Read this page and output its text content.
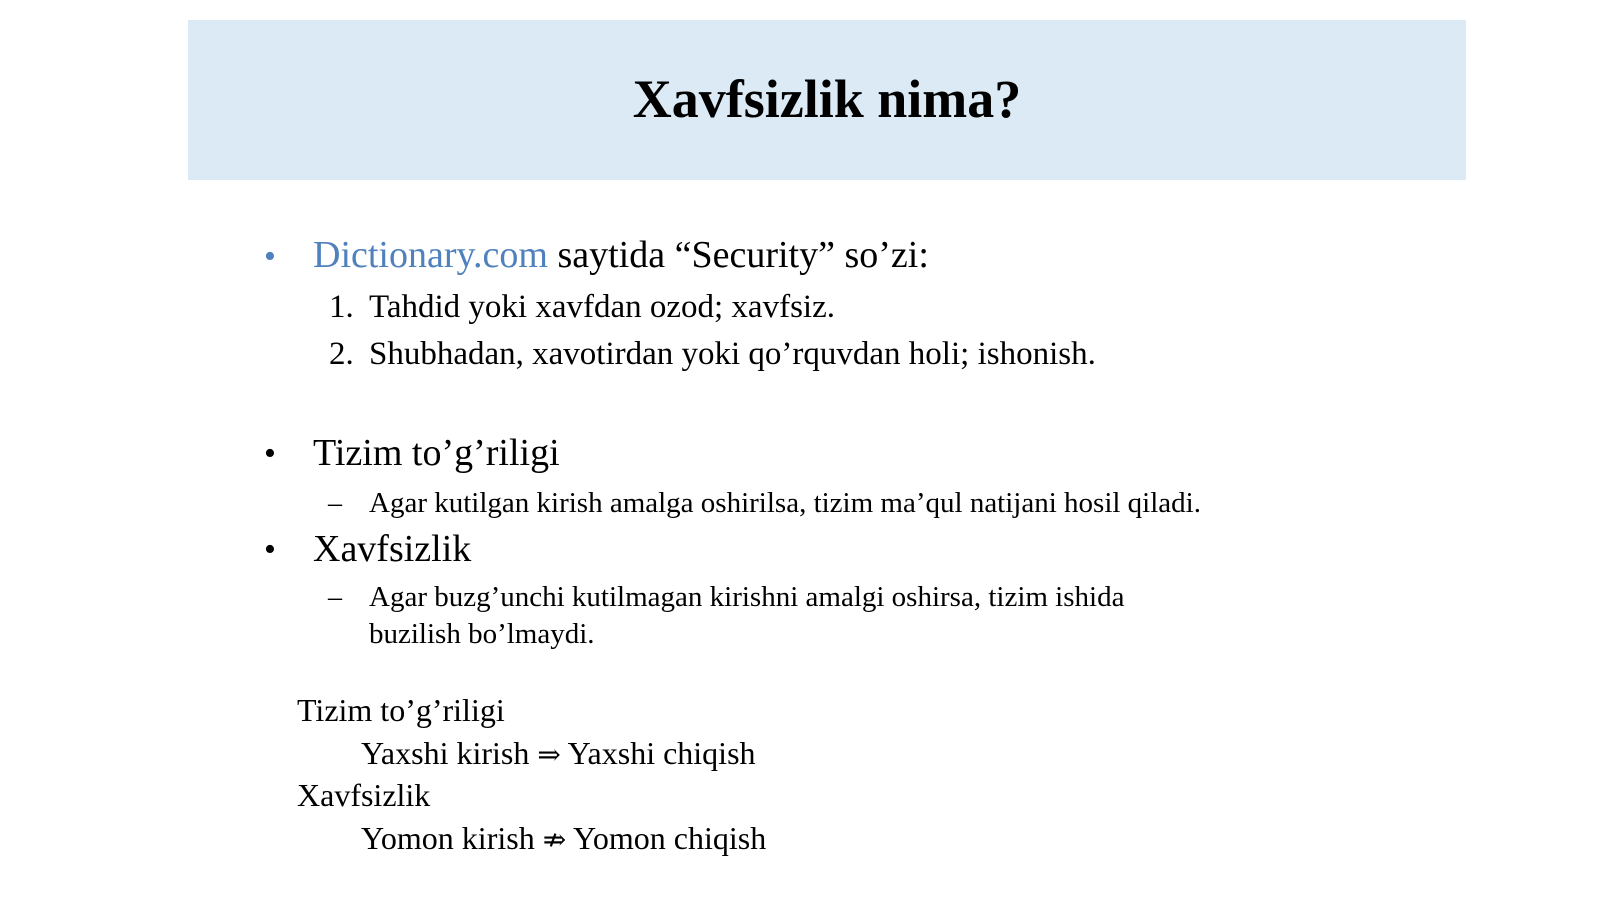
Xavfsizlik nima?
• Dictionary.com saytida “Security” so’zi:
1. Tahdid yoki xavfdan ozod; xavfsiz.
2. Shubhadan, xavotirdan yoki qo’rquvdan holi; ishonish.
• Tizim to’g’riligi
– Agar kutilgan kirish amalga oshirilsa, tizim ma’qul natijani hosil qiladi.
• Xavfsizlik
– Agar buzg’unchi kutilmagan kirishni amalgi oshirsa, tizim ishida
buzilish bo’lmaydi.
Tizim to’g’riligi
Yaxshi kirish ⇒ Yaxshi chiqish
Xavfsizlik
Yomon kirish ⇏ Yomon chiqish
